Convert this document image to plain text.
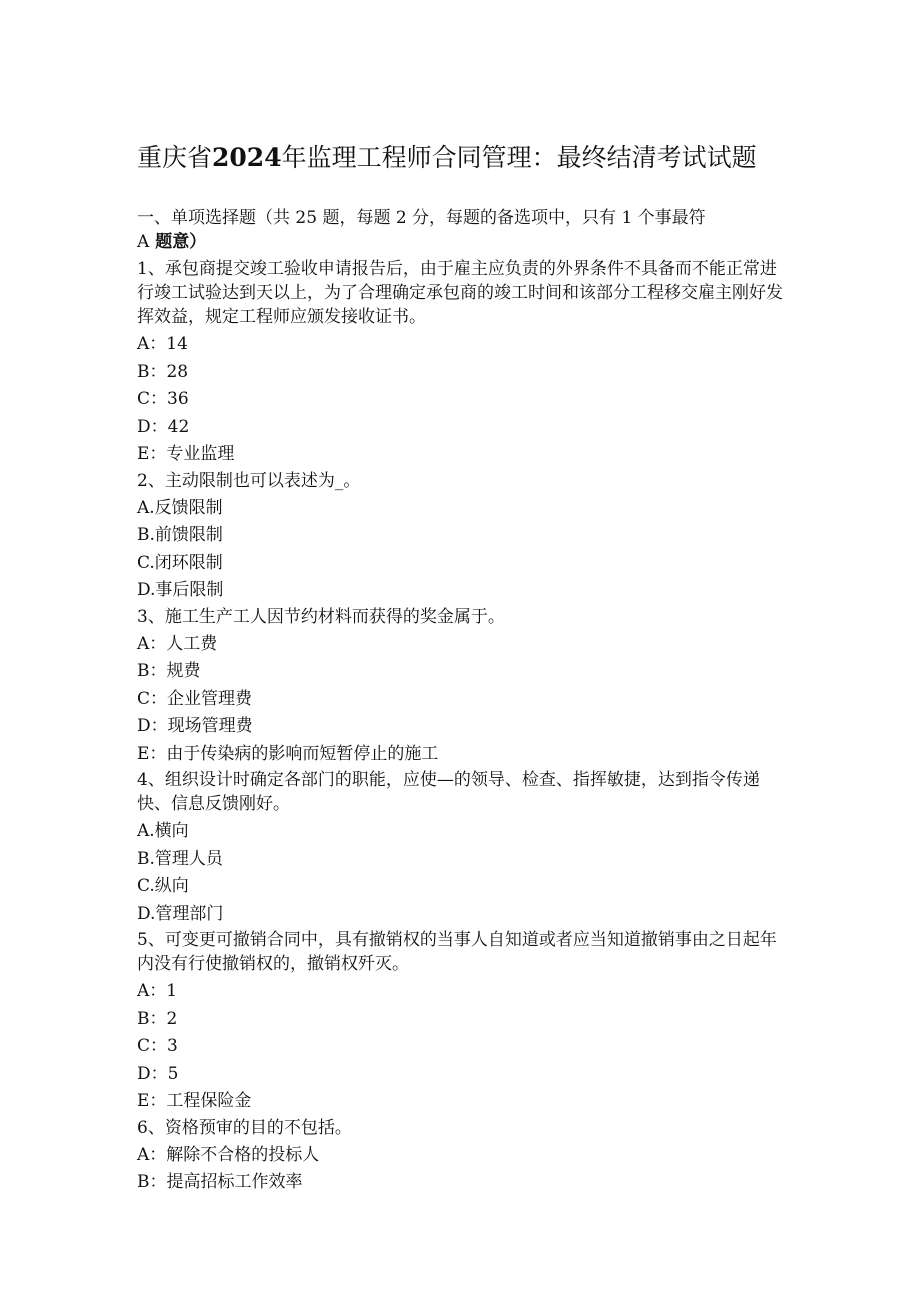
重庆省2024年监理工程师合同管理：最终结清考试试题
一、单项选择题（共 25 题，每题 2 分，每题的备选项中，只有 1 个事最符
A 题意）
1、承包商提交竣工验收申请报告后，由于雇主应负责的外界条件不具备而不能正常进行竣工试验达到天以上，为了合理确定承包商的竣工时间和该部分工程移交雇主刚好发挥效益，规定工程师应颁发接收证书。
A：14
B：28
C：36
D：42
E：专业监理
2、主动限制也可以表述为_。
A.反馈限制
B.前馈限制
C.闭环限制
D.事后限制
3、施工生产工人因节约材料而获得的奖金属于。
A：人工费
B：规费
C：企业管理费
D：现场管理费
E：由于传染病的影响而短暂停止的施工
4、组织设计时确定各部门的职能，应使—的领导、检查、指挥敏捷，达到指令传递快、信息反馈刚好。
A.横向
B.管理人员
C.纵向
D.管理部门
5、可变更可撤销合同中，具有撤销权的当事人自知道或者应当知道撤销事由之日起年内没有行使撤销权的，撤销权歼灭。
A：1
B：2
C：3
D：5
E：工程保险金
6、资格预审的目的不包括。
A：解除不合格的投标人
B：提高招标工作效率
